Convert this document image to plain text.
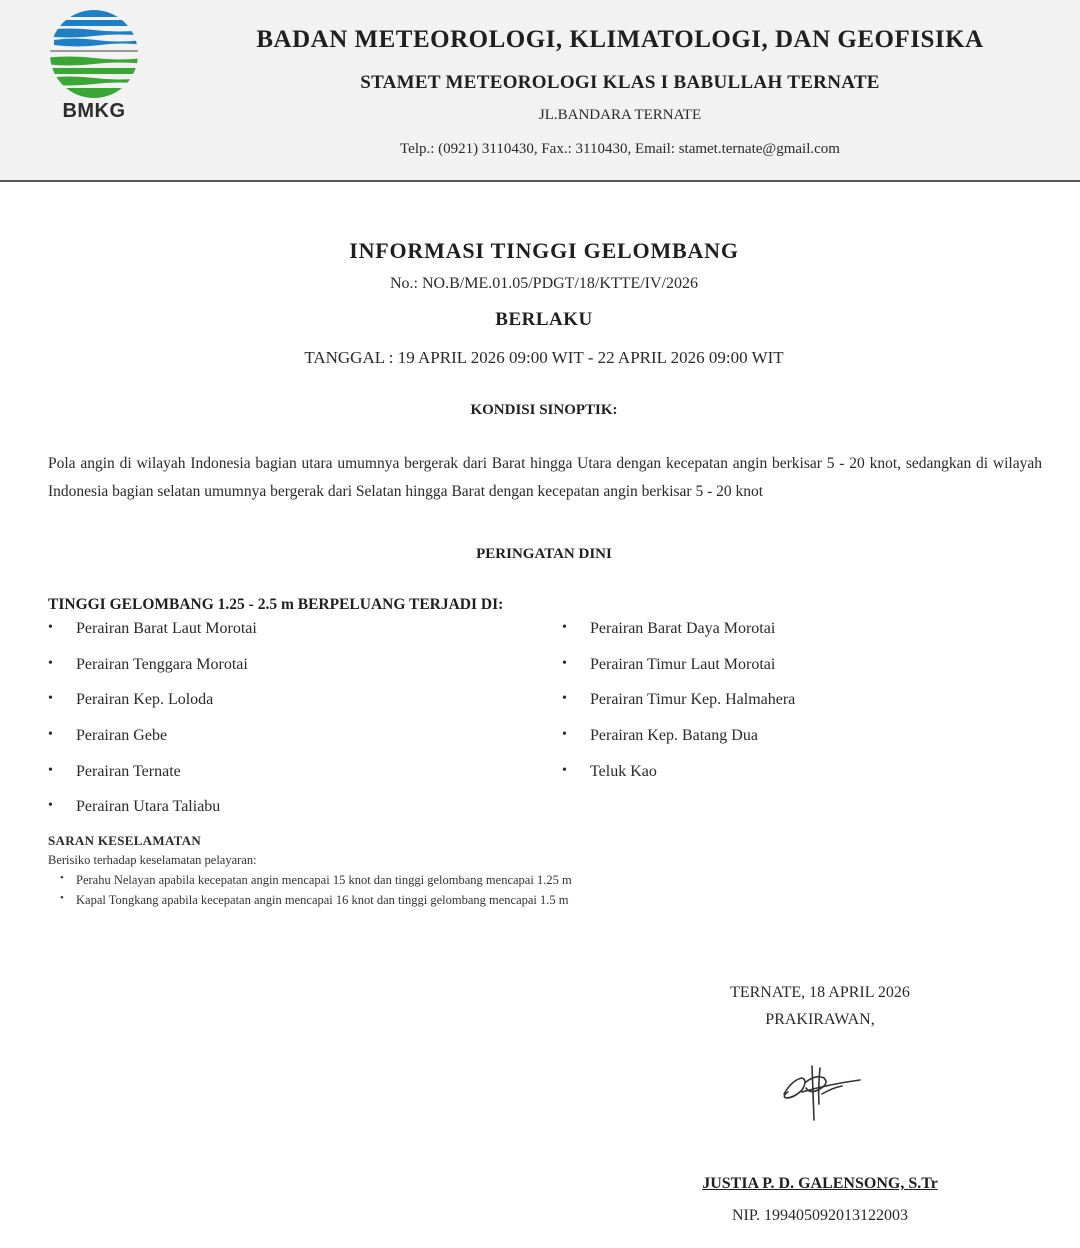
BMKG
BADAN METEOROLOGI, KLIMATOLOGI, DAN GEOFISIKA
STAMET METEOROLOGI KLAS I BABULLAH TERNATE
JL.BANDARA TERNATE
Telp.: (0921) 3110430, Fax.: 3110430, Email: stamet.ternate@gmail.com
INFORMASI TINGGI GELOMBANG
No.: NO.B/ME.01.05/PDGT/18/KTTE/IV/2026
BERLAKU
TANGGAL : 19 APRIL 2026 09:00 WIT - 22 APRIL 2026 09:00 WIT
KONDISI SINOPTIK:
Pola angin di wilayah Indonesia bagian utara umumnya bergerak dari Barat hingga Utara dengan kecepatan angin berkisar 5 - 20 knot, sedangkan di wilayah Indonesia bagian selatan umumnya bergerak dari Selatan hingga Barat dengan kecepatan angin berkisar 5 - 20 knot
PERINGATAN DINI
TINGGI GELOMBANG 1.25 - 2.5 m BERPELUANG TERJADI DI:
• Perairan Barat Laut Morotai
• Perairan Tenggara Morotai
• Perairan Kep. Loloda
• Perairan Gebe
• Perairan Ternate
• Perairan Utara Taliabu
• Perairan Barat Daya Morotai
• Perairan Timur Laut Morotai
• Perairan Timur Kep. Halmahera
• Perairan Kep. Batang Dua
• Teluk Kao
SARAN KESELAMATAN
Berisiko terhadap keselamatan pelayaran:
• Perahu Nelayan apabila kecepatan angin mencapai 15 knot dan tinggi gelombang mencapai 1.25 m
• Kapal Tongkang apabila kecepatan angin mencapai 16 knot dan tinggi gelombang mencapai 1.5 m
TERNATE, 18 APRIL 2026
PRAKIRAWAN,
JUSTIA P. D. GALENSONG, S.Tr
NIP. 199405092013122003
